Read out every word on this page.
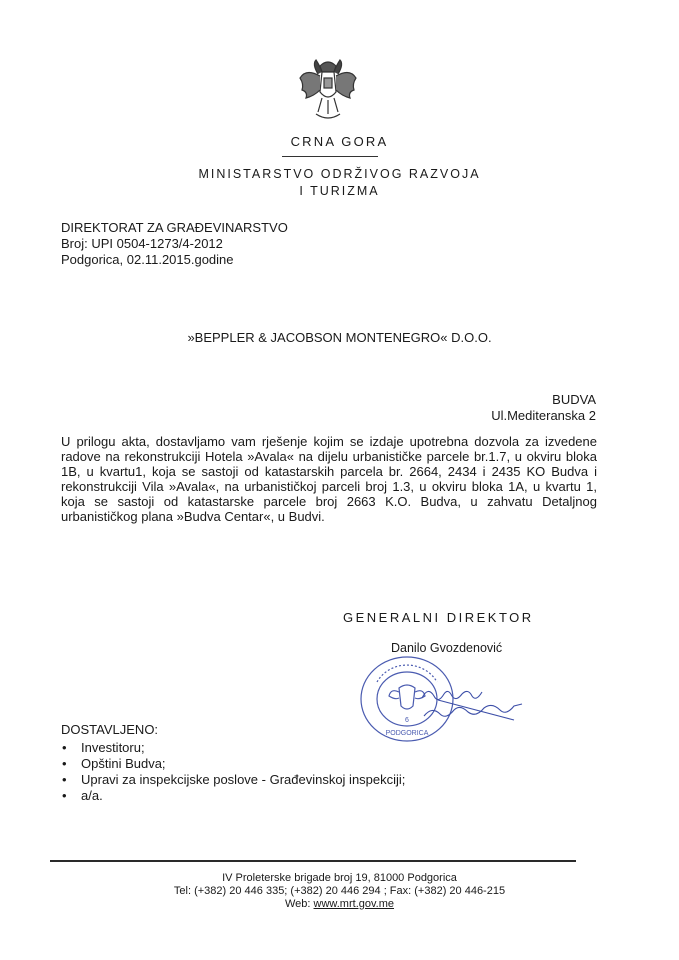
CRNA GORA
MINISTARSTVO ODRŽIVOG RAZVOJA
I TURIZMA
DIREKTORAT ZA GRAĐEVINARSTVO
Broj: UPI 0504-1273/4-2012
Podgorica, 02.11.2015.godine
»BEPPLER & JACOBSON MONTENEGRO« D.O.O.
BUDVA
Ul.Mediteranska 2
U prilogu akta, dostavljamo vam rješenje kojim se izdaje upotrebna dozvola za izvedene radove na rekonstrukciji Hotela »Avala« na dijelu urbanističke parcele br.1.7, u okviru bloka 1B, u kvartu1, koja se sastoji od katastarskih parcela br. 2664, 2434 i 2435 KO Budva i rekonstrukciji Vila »Avala«, na urbanističkoj parceli broj 1.3, u okviru bloka 1A, u kvartu 1, koja se sastoji od katastarske parcele broj 2663 K.O. Budva, u zahvatu Detaljnog urbanističkog plana »Budva Centar«, u Budvi.
GENERALNI DIREKTOR
Danilo Gvozdenović
6
PODGORICA
DOSTAVLJENO:
• Investitoru;
• Opštini Budva;
• Upravi za inspekcijske poslove - Građevinskoj inspekciji;
• a/a.
IV Proleterske brigade broj 19, 81000 Podgorica
Tel: (+382) 20 446 335; (+382) 20 446 294 ; Fax: (+382) 20 446-215
Web: www.mrt.gov.me
